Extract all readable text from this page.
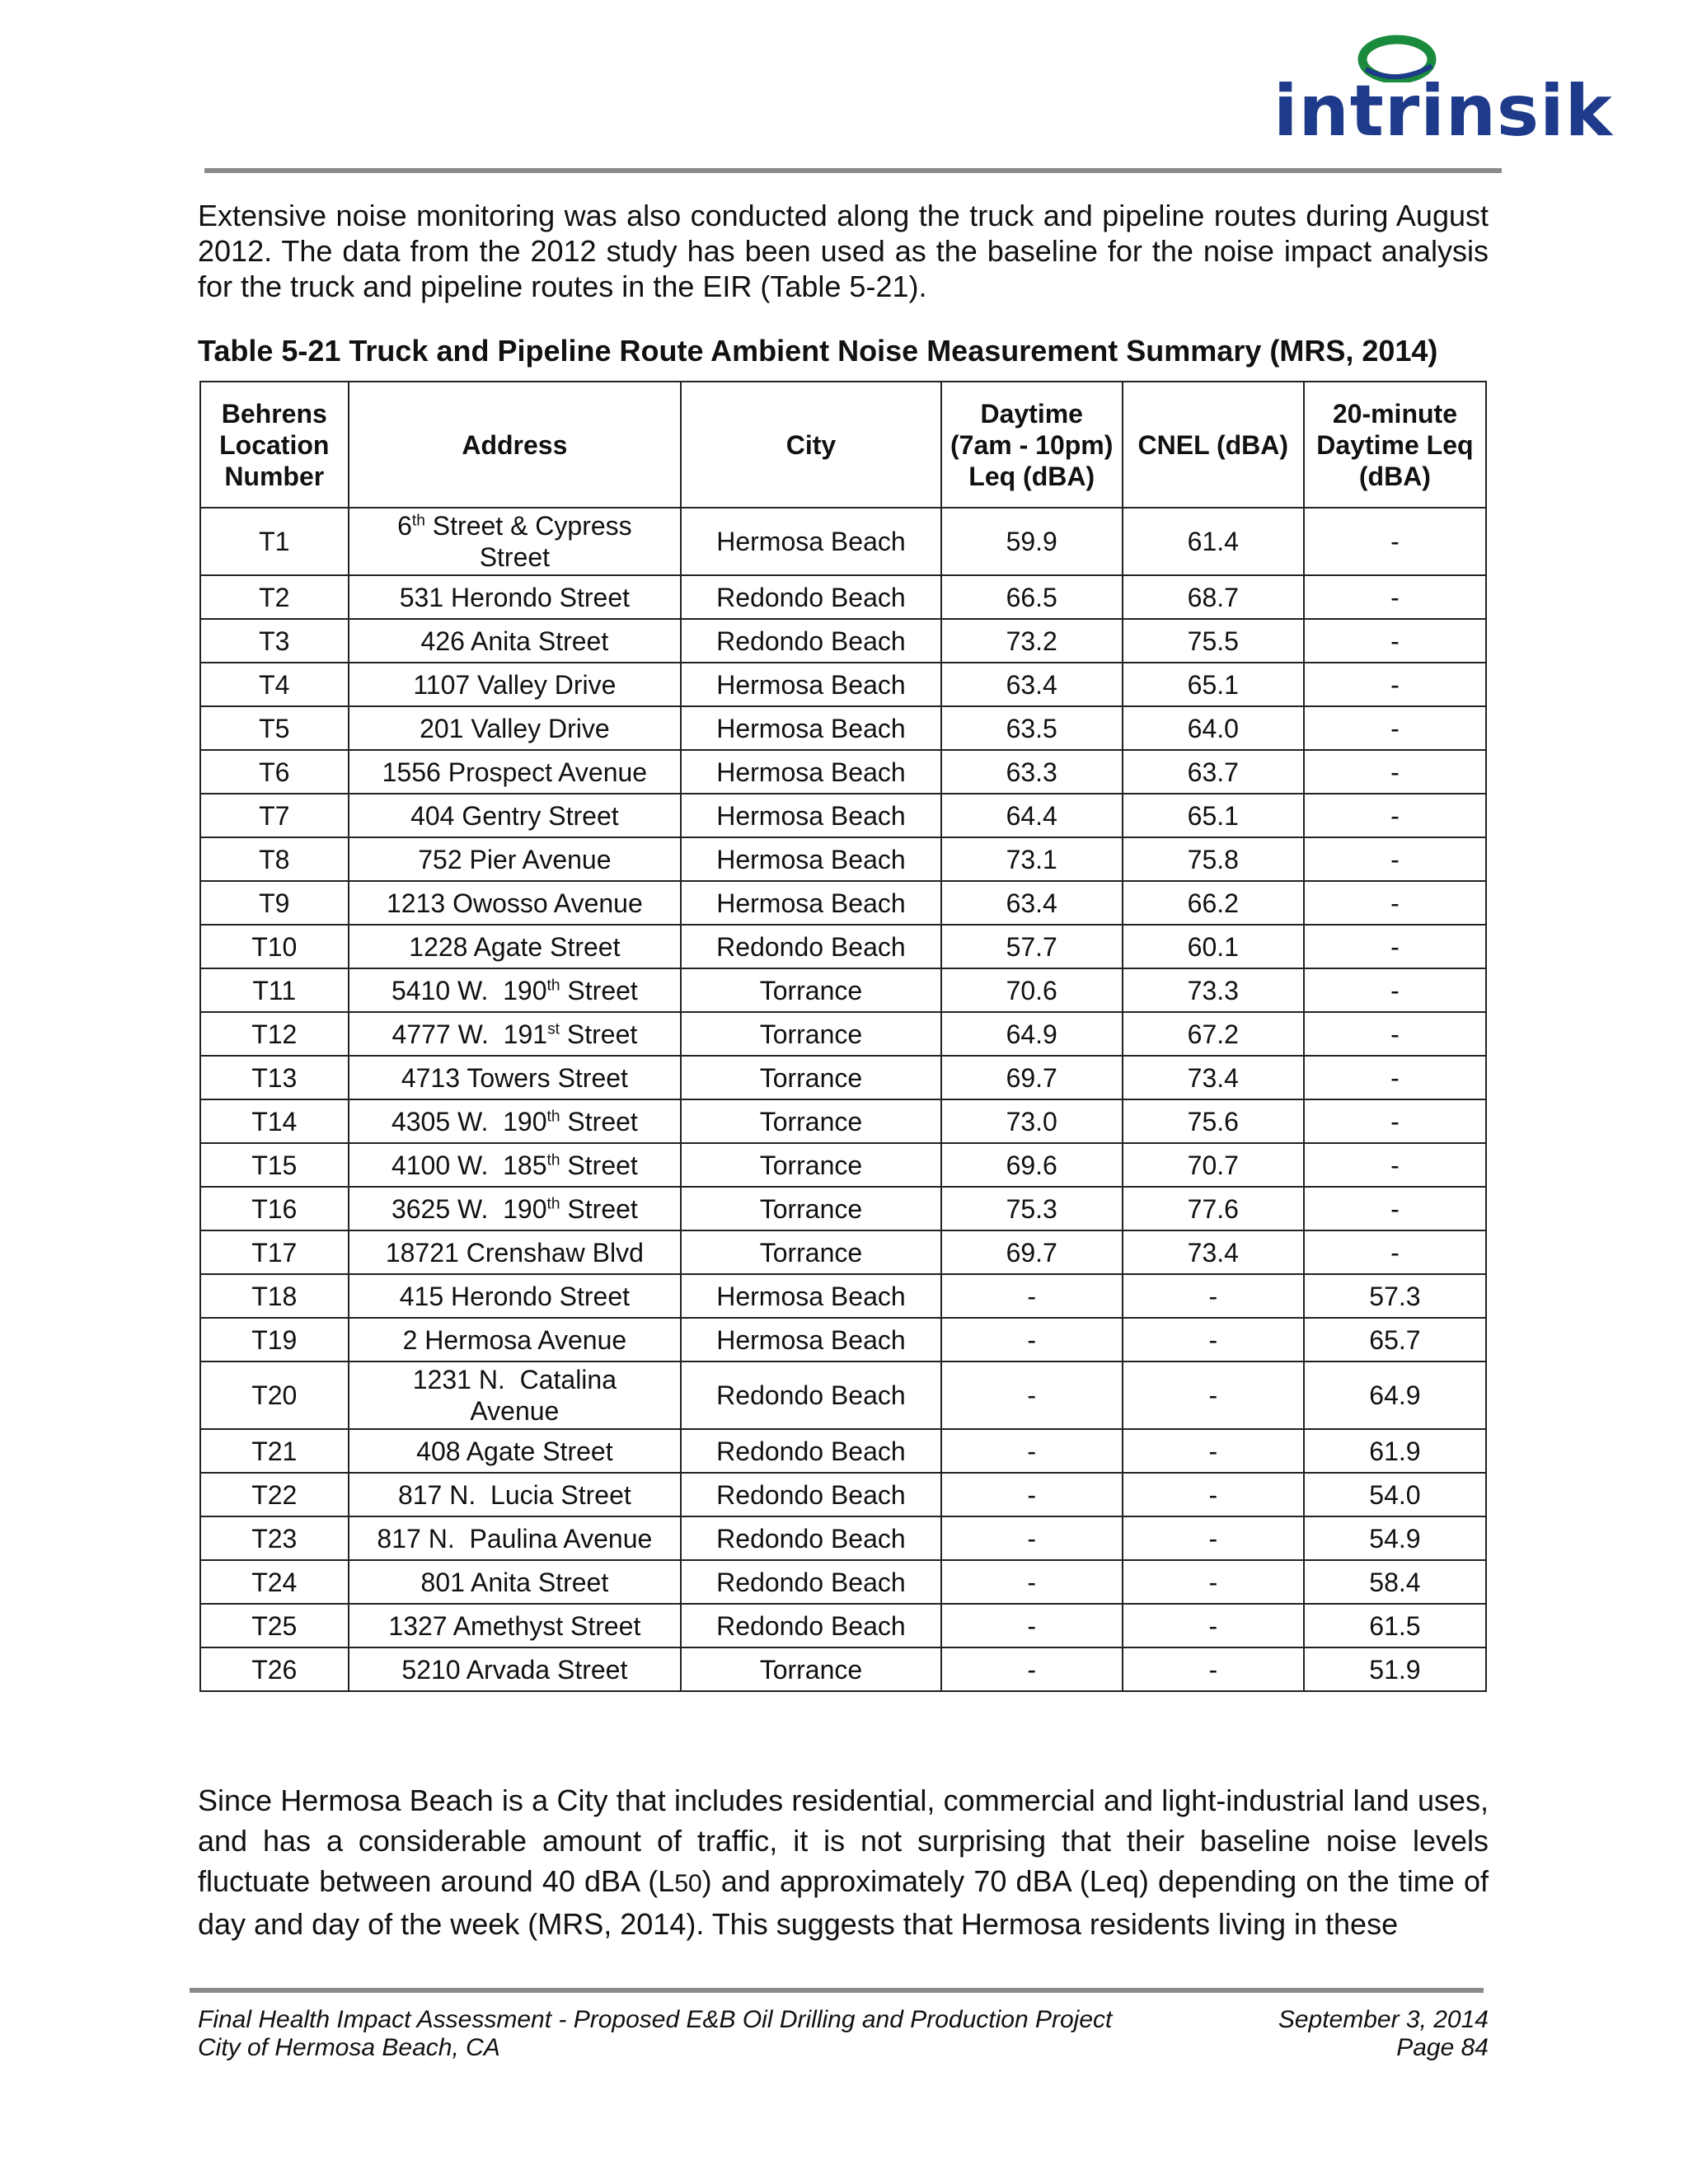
intrinsik

Extensive noise monitoring was also conducted along the truck and pipeline routes during August 2012. The data from the 2012 study has been used as the baseline for the noise impact analysis for the truck and pipeline routes in the EIR (Table 5-21).

Table 5-21 Truck and Pipeline Route Ambient Noise Measurement Summary (MRS, 2014)

Behrens Location Number	Address	City	Daytime (7am - 10pm) Leq (dBA)	CNEL (dBA)	20-minute Daytime Leq (dBA)
T1	6th Street & Cypress Street	Hermosa Beach	59.9	61.4	-
T2	531 Herondo Street	Redondo Beach	66.5	68.7	-
T3	426 Anita Street	Redondo Beach	73.2	75.5	-
T4	1107 Valley Drive	Hermosa Beach	63.4	65.1	-
T5	201 Valley Drive	Hermosa Beach	63.5	64.0	-
T6	1556 Prospect Avenue	Hermosa Beach	63.3	63.7	-
T7	404 Gentry Street	Hermosa Beach	64.4	65.1	-
T8	752 Pier Avenue	Hermosa Beach	73.1	75.8	-
T9	1213 Owosso Avenue	Hermosa Beach	63.4	66.2	-
T10	1228 Agate Street	Redondo Beach	57.7	60.1	-
T11	5410 W.  190th Street	Torrance	70.6	73.3	-
T12	4777 W.  191st Street	Torrance	64.9	67.2	-
T13	4713 Towers Street	Torrance	69.7	73.4	-
T14	4305 W.  190th Street	Torrance	73.0	75.6	-
T15	4100 W.  185th Street	Torrance	69.6	70.7	-
T16	3625 W.  190th Street	Torrance	75.3	77.6	-
T17	18721 Crenshaw Blvd	Torrance	69.7	73.4	-
T18	415 Herondo Street	Hermosa Beach	-	-	57.3
T19	2 Hermosa Avenue	Hermosa Beach	-	-	65.7
T20	1231 N.  Catalina Avenue	Redondo Beach	-	-	64.9
T21	408 Agate Street	Redondo Beach	-	-	61.9
T22	817 N.  Lucia Street	Redondo Beach	-	-	54.0
T23	817 N.  Paulina Avenue	Redondo Beach	-	-	54.9
T24	801 Anita Street	Redondo Beach	-	-	58.4
T25	1327 Amethyst Street	Redondo Beach	-	-	61.5
T26	5210 Arvada Street	Torrance	-	-	51.9

Since Hermosa Beach is a City that includes residential, commercial and light-industrial land uses, and has a considerable amount of traffic, it is not surprising that their baseline noise levels fluctuate between around 40 dBA (L50) and approximately 70 dBA (Leq) depending on the time of day and day of the week (MRS, 2014). This suggests that Hermosa residents living in these

Final Health Impact Assessment - Proposed E&B Oil Drilling and Production Project	September 3, 2014
City of Hermosa Beach, CA	Page 84
